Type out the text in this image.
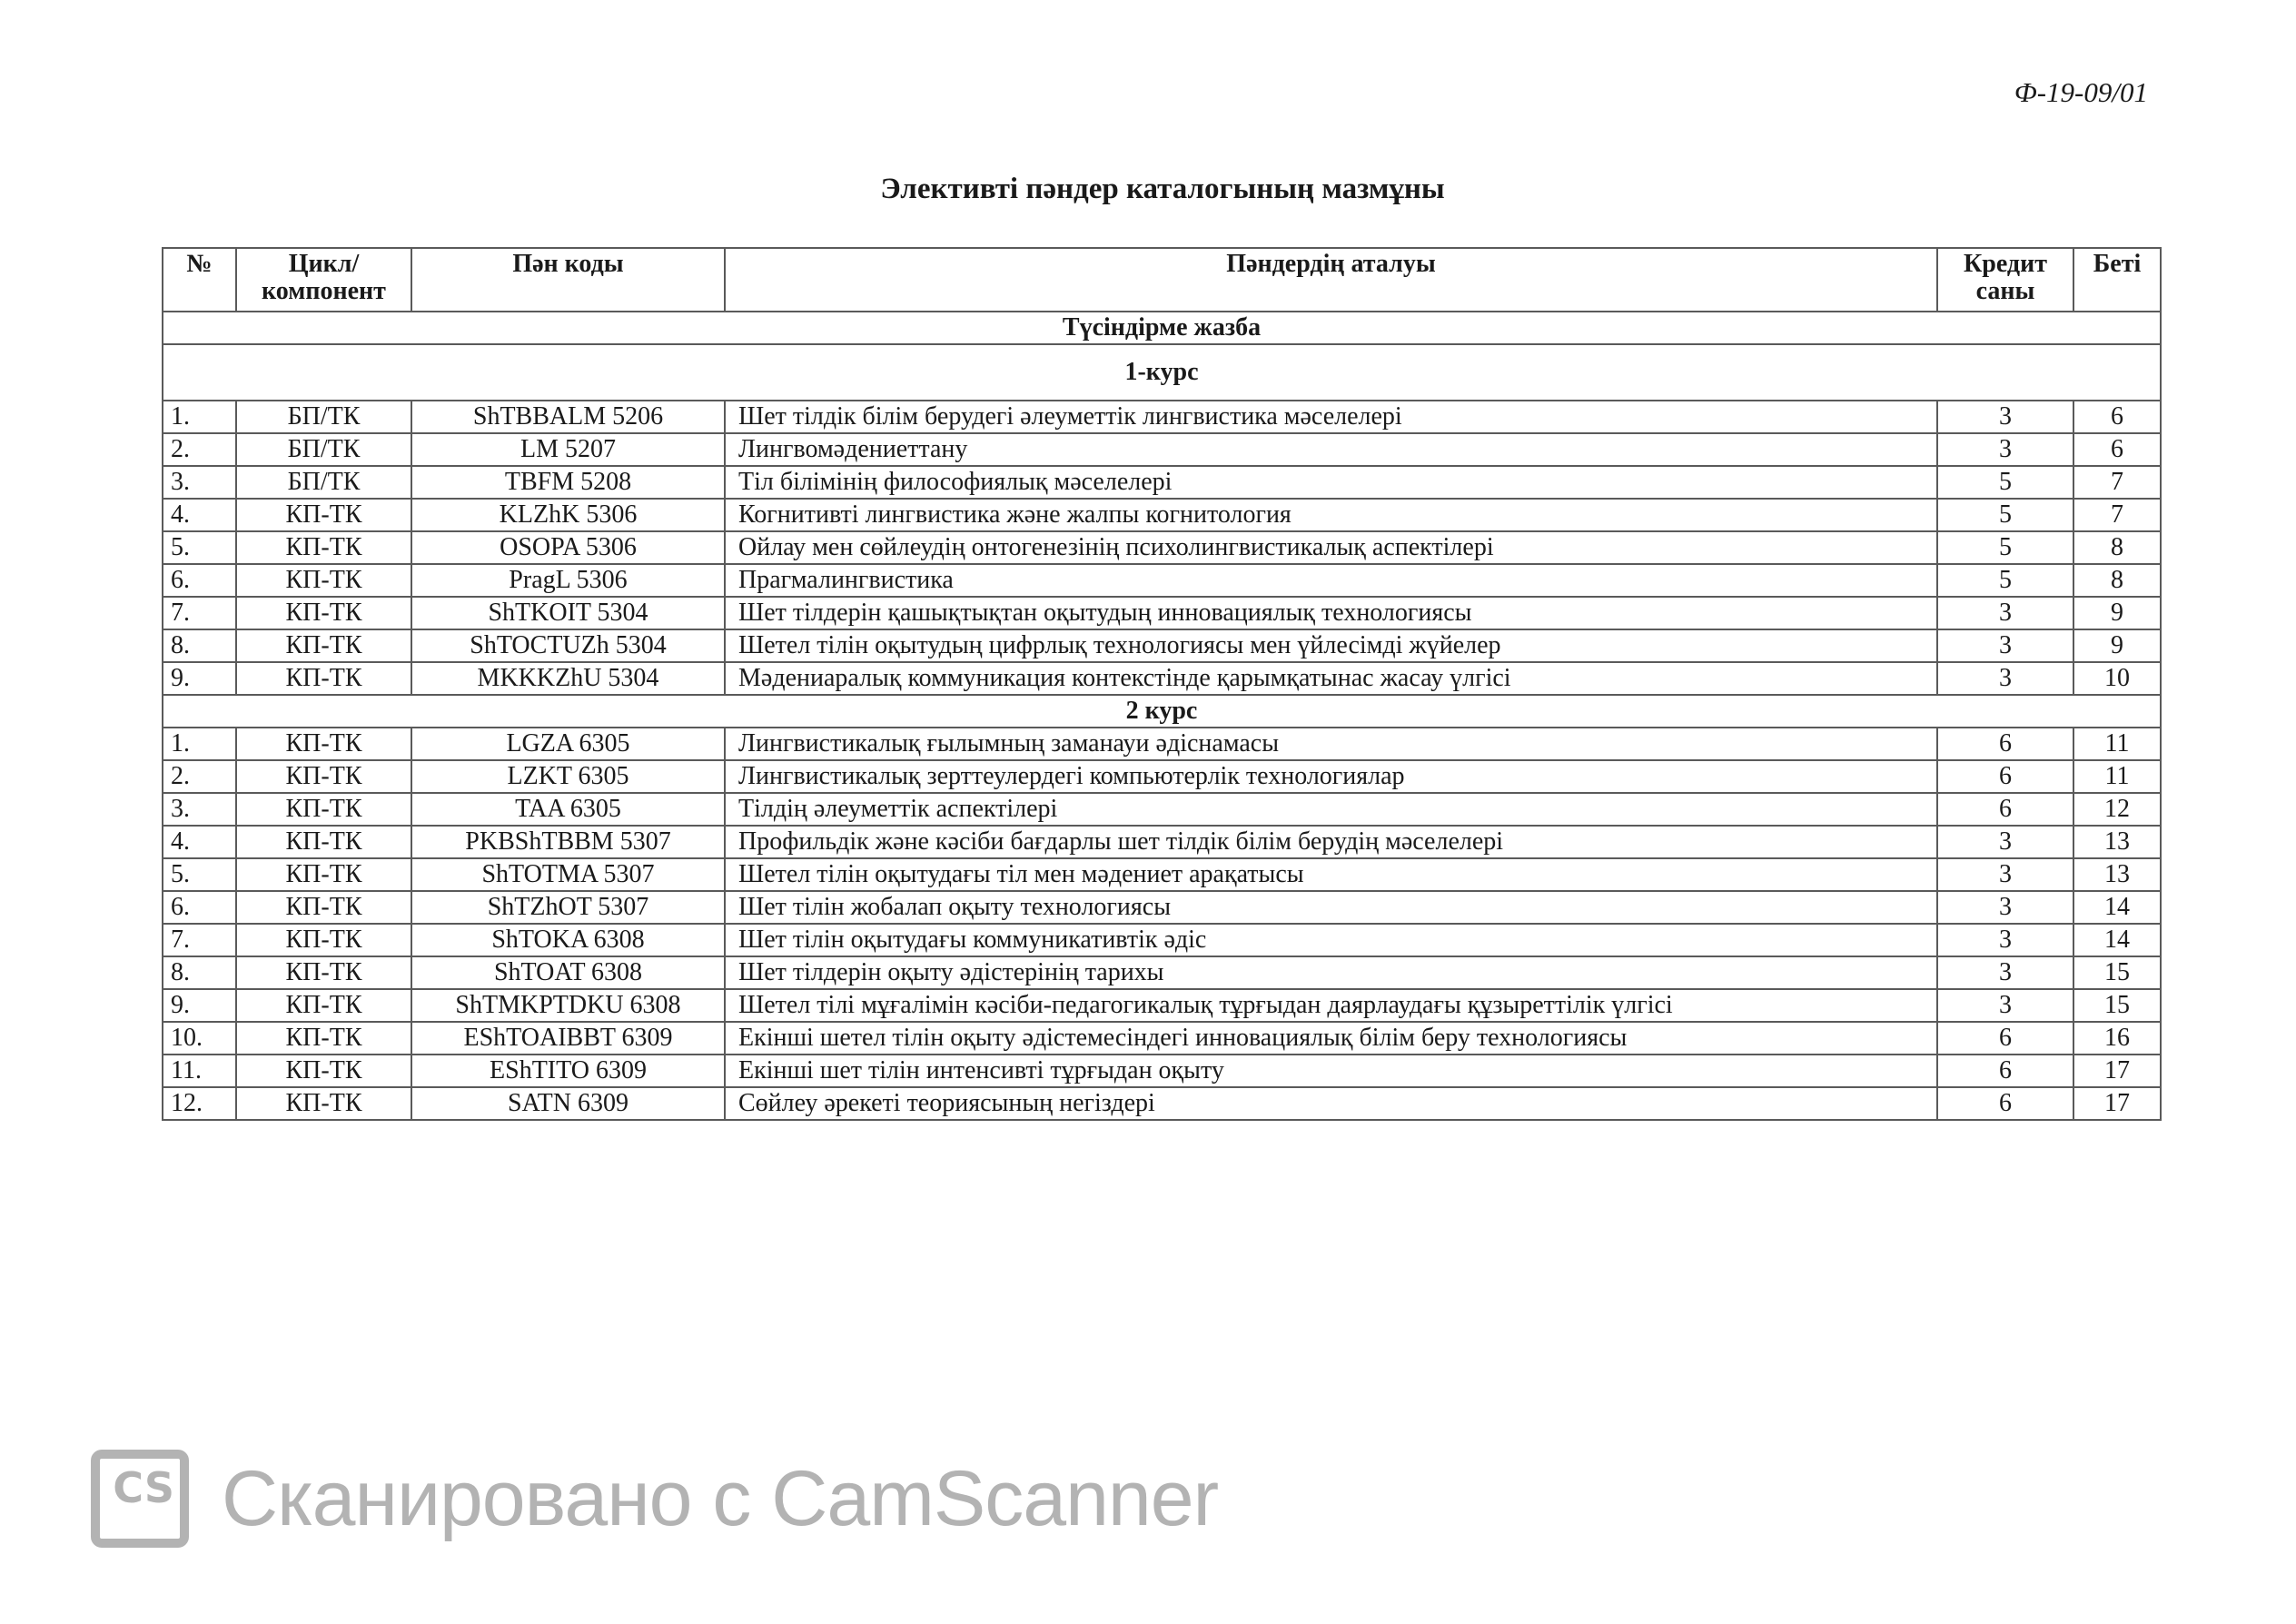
Ф-19-09/01
Элективті пәндер каталогының мазмұны
№	Цикл/ компонент	Пән коды	Пәндердің аталуы	Кредит саны	Беті
Түсіндірме жазба					
1-курс					
1.	БП/ТК	ShTBBALM 5206	Шет тілдік білім берудегі әлеуметтік лингвистика мәселелері	3	6
2.	БП/ТК	LM 5207	Лингвомәдениеттану	3	6
3.	БП/ТК	TBFM 5208	Тіл білімінің философиялық мәселелері	5	7
4.	КП-ТК	KLZhK 5306	Когнитивті лингвистика және жалпы когнитология	5	7
5.	КП-ТК	OSOPA 5306	Ойлау мен сөйлеудің онтогенезінің психолингвистикалық аспектілері	5	8
6.	КП-ТК	PragL 5306	Прагмалингвистика	5	8
7.	КП-ТК	ShTKOIT 5304	Шет тілдерін қашықтықтан оқытудың инновациялық технологиясы	3	9
8.	КП-ТК	ShTOCTUZh 5304	Шетел тілін оқытудың цифрлық технологиясы мен үйлесімді жүйелер	3	9
9.	КП-ТК	MKKKZhU 5304	Мәдениаралық коммуникация контекстінде қарымқатынас жасау үлгісі	3	10
2 курс					
1.	КП-ТК	LGZA 6305	Лингвистикалық ғылымның заманауи әдіснамасы	6	11
2.	КП-ТК	LZKT 6305	Лингвистикалық зерттеулердегі компьютерлік технологиялар	6	11
3.	КП-ТК	TAA 6305	Тілдің әлеуметтік аспектілері	6	12
4.	КП-ТК	PKBShTBBM 5307	Профильдік және кәсіби бағдарлы шет тілдік білім берудің мәселелері	3	13
5.	КП-ТК	ShTOTMA 5307	Шетел тілін оқытудағы тіл мен мәдениет арақатысы	3	13
6.	КП-ТК	ShTZhOT 5307	Шет тілін жобалап оқыту технологиясы	3	14
7.	КП-ТК	ShTOKA 6308	Шет тілін оқытудағы коммуникативтік әдіс	3	14
8.	КП-ТК	ShTOAT 6308	Шет тілдерін оқыту әдістерінің тарихы	3	15
9.	КП-ТК	ShTMKPTDKU 6308	Шетел тілі мұғалімін кәсіби-педагогикалық тұрғыдан даярлаудағы құзыреттілік үлгісі	3	15
10.	КП-ТК	EShTOAIBBT 6309	Екінші шетел тілін оқыту әдістемесіндегі инновациялық білім беру технологиясы	6	16
11.	КП-ТК	EShTITO 6309	Екінші шет тілін интенсивті тұрғыдан оқыту	6	17
12.	КП-ТК	SATN 6309	Сөйлеу әрекеті теориясының негіздері	6	17
CS Сканировано с CamScanner
